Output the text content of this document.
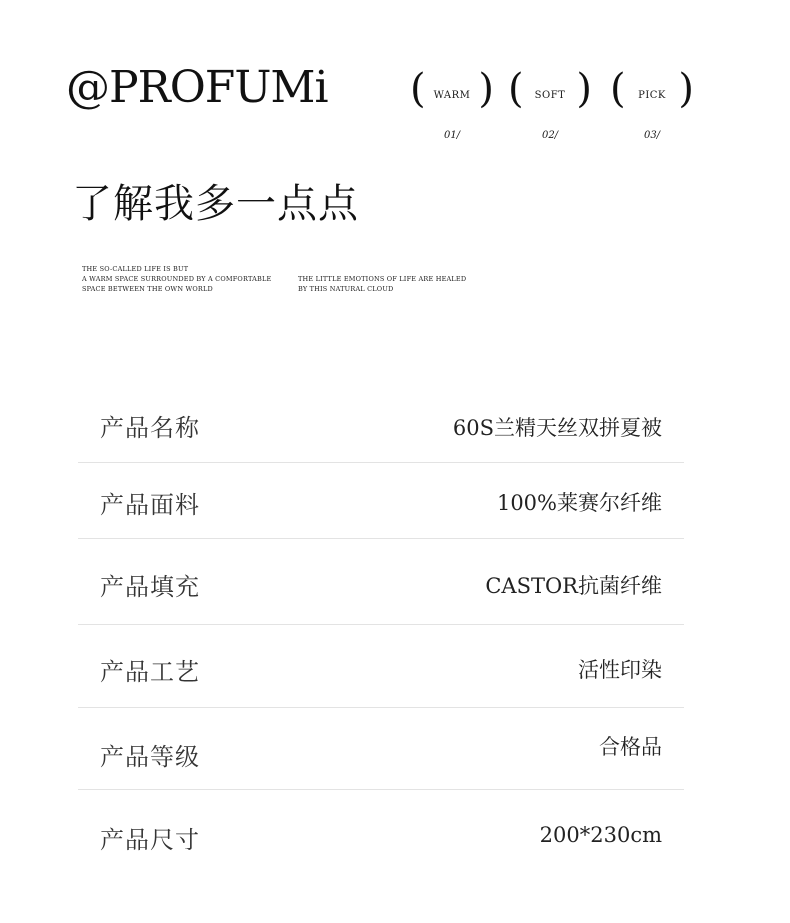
@PROFUMi ( WARM )
01/
(	SOFT )
02/
(	PICK )
03/
了解我多一点点
THE SO-CALLED LIFE IS BUT
A WARM SPACE SURROUNDED BY A COMFORTABLE
SPACE BETWEEN THE OWN WORLD
THE LITTLE EMOTIONS OF LIFE ARE HEALED
BY THIS NATURAL CLOUD
产品名称	60S兰精天丝双拼夏被
产品面料	100%莱赛尔纤维
产品填充	CASTOR抗菌纤维
产品工艺	活性印染
产品等级	合格品
产品尺寸	200*230cm
